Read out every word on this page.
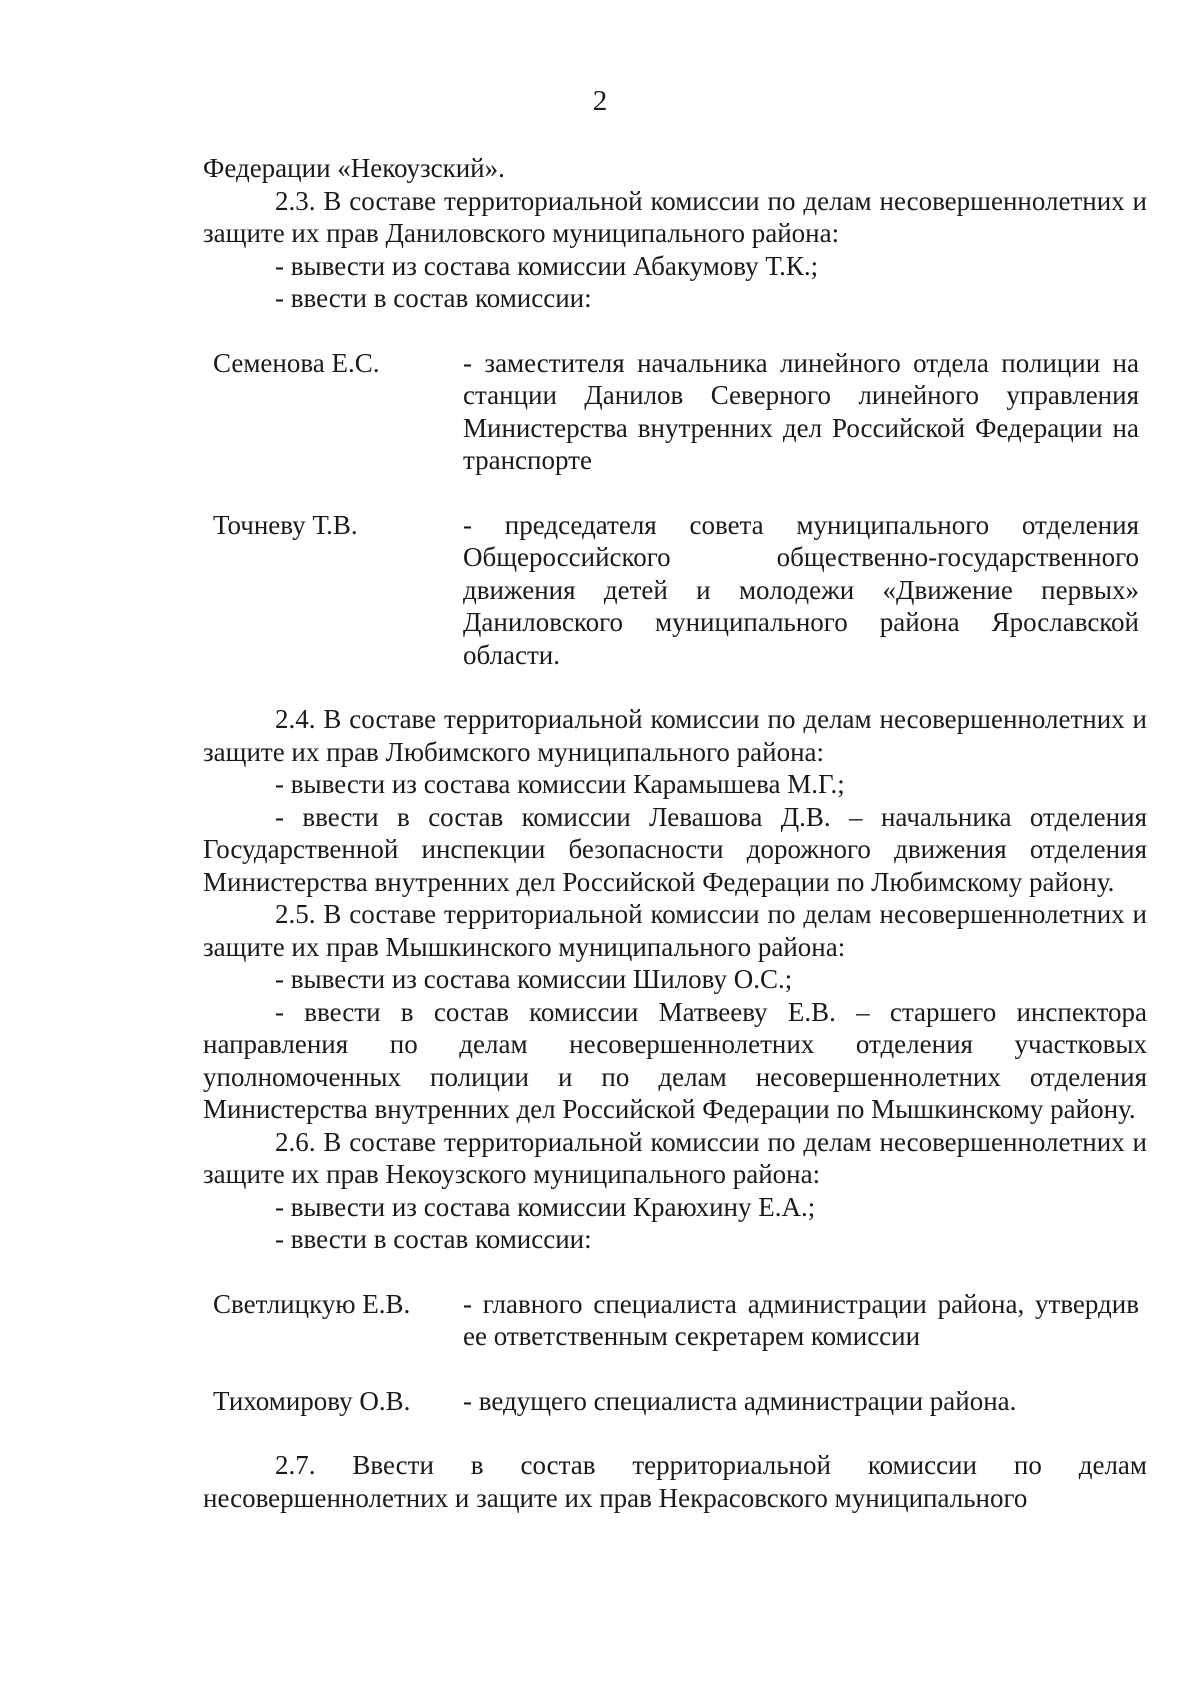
2

Федерации «Некоузский».

2.3. В составе территориальной комиссии по делам несовершеннолетних и защите их прав Даниловского муниципального района:

- вывести из состава комиссии Абакумову Т.К.;

- ввести в состав комиссии:

Семенова Е.С.	- заместителя начальника линейного отдела полиции на станции Данилов Северного линейного управления Министерства внутренних дел Российской Федерации на транспорте
Точневу Т.В.	- председателя совета муниципального отделения Общероссийского общественно-государственного движения детей и молодежи «Движение первых» Даниловского муниципального района Ярославской области.

2.4. В составе территориальной комиссии по делам несовершеннолетних и защите их прав Любимского муниципального района:

- вывести из состава комиссии Карамышева М.Г.;

- ввести в состав комиссии Левашова Д.В. – начальника отделения Государственной инспекции безопасности дорожного движения отделения Министерства внутренних дел Российской Федерации по Любимскому району.

2.5. В составе территориальной комиссии по делам несовершеннолетних и защите их прав Мышкинского муниципального района:

- вывести из состава комиссии Шилову О.С.;

- ввести в состав комиссии Матвееву Е.В. – старшего инспектора направления по делам несовершеннолетних отделения участковых уполномоченных полиции и по делам несовершеннолетних отделения Министерства внутренних дел Российской Федерации по Мышкинскому району.

2.6. В составе территориальной комиссии по делам несовершеннолетних и защите их прав Некоузского муниципального района:

- вывести из состава комиссии Краюхину Е.А.;

- ввести в состав комиссии:

Светлицкую Е.В.	- главного специалиста администрации района, утвердив ее ответственным секретарем комиссии
Тихомирову О.В.	- ведущего специалиста администрации района.

2.7. Ввести в состав территориальной комиссии по делам несовершеннолетних и защите их прав Некрасовского муниципального
